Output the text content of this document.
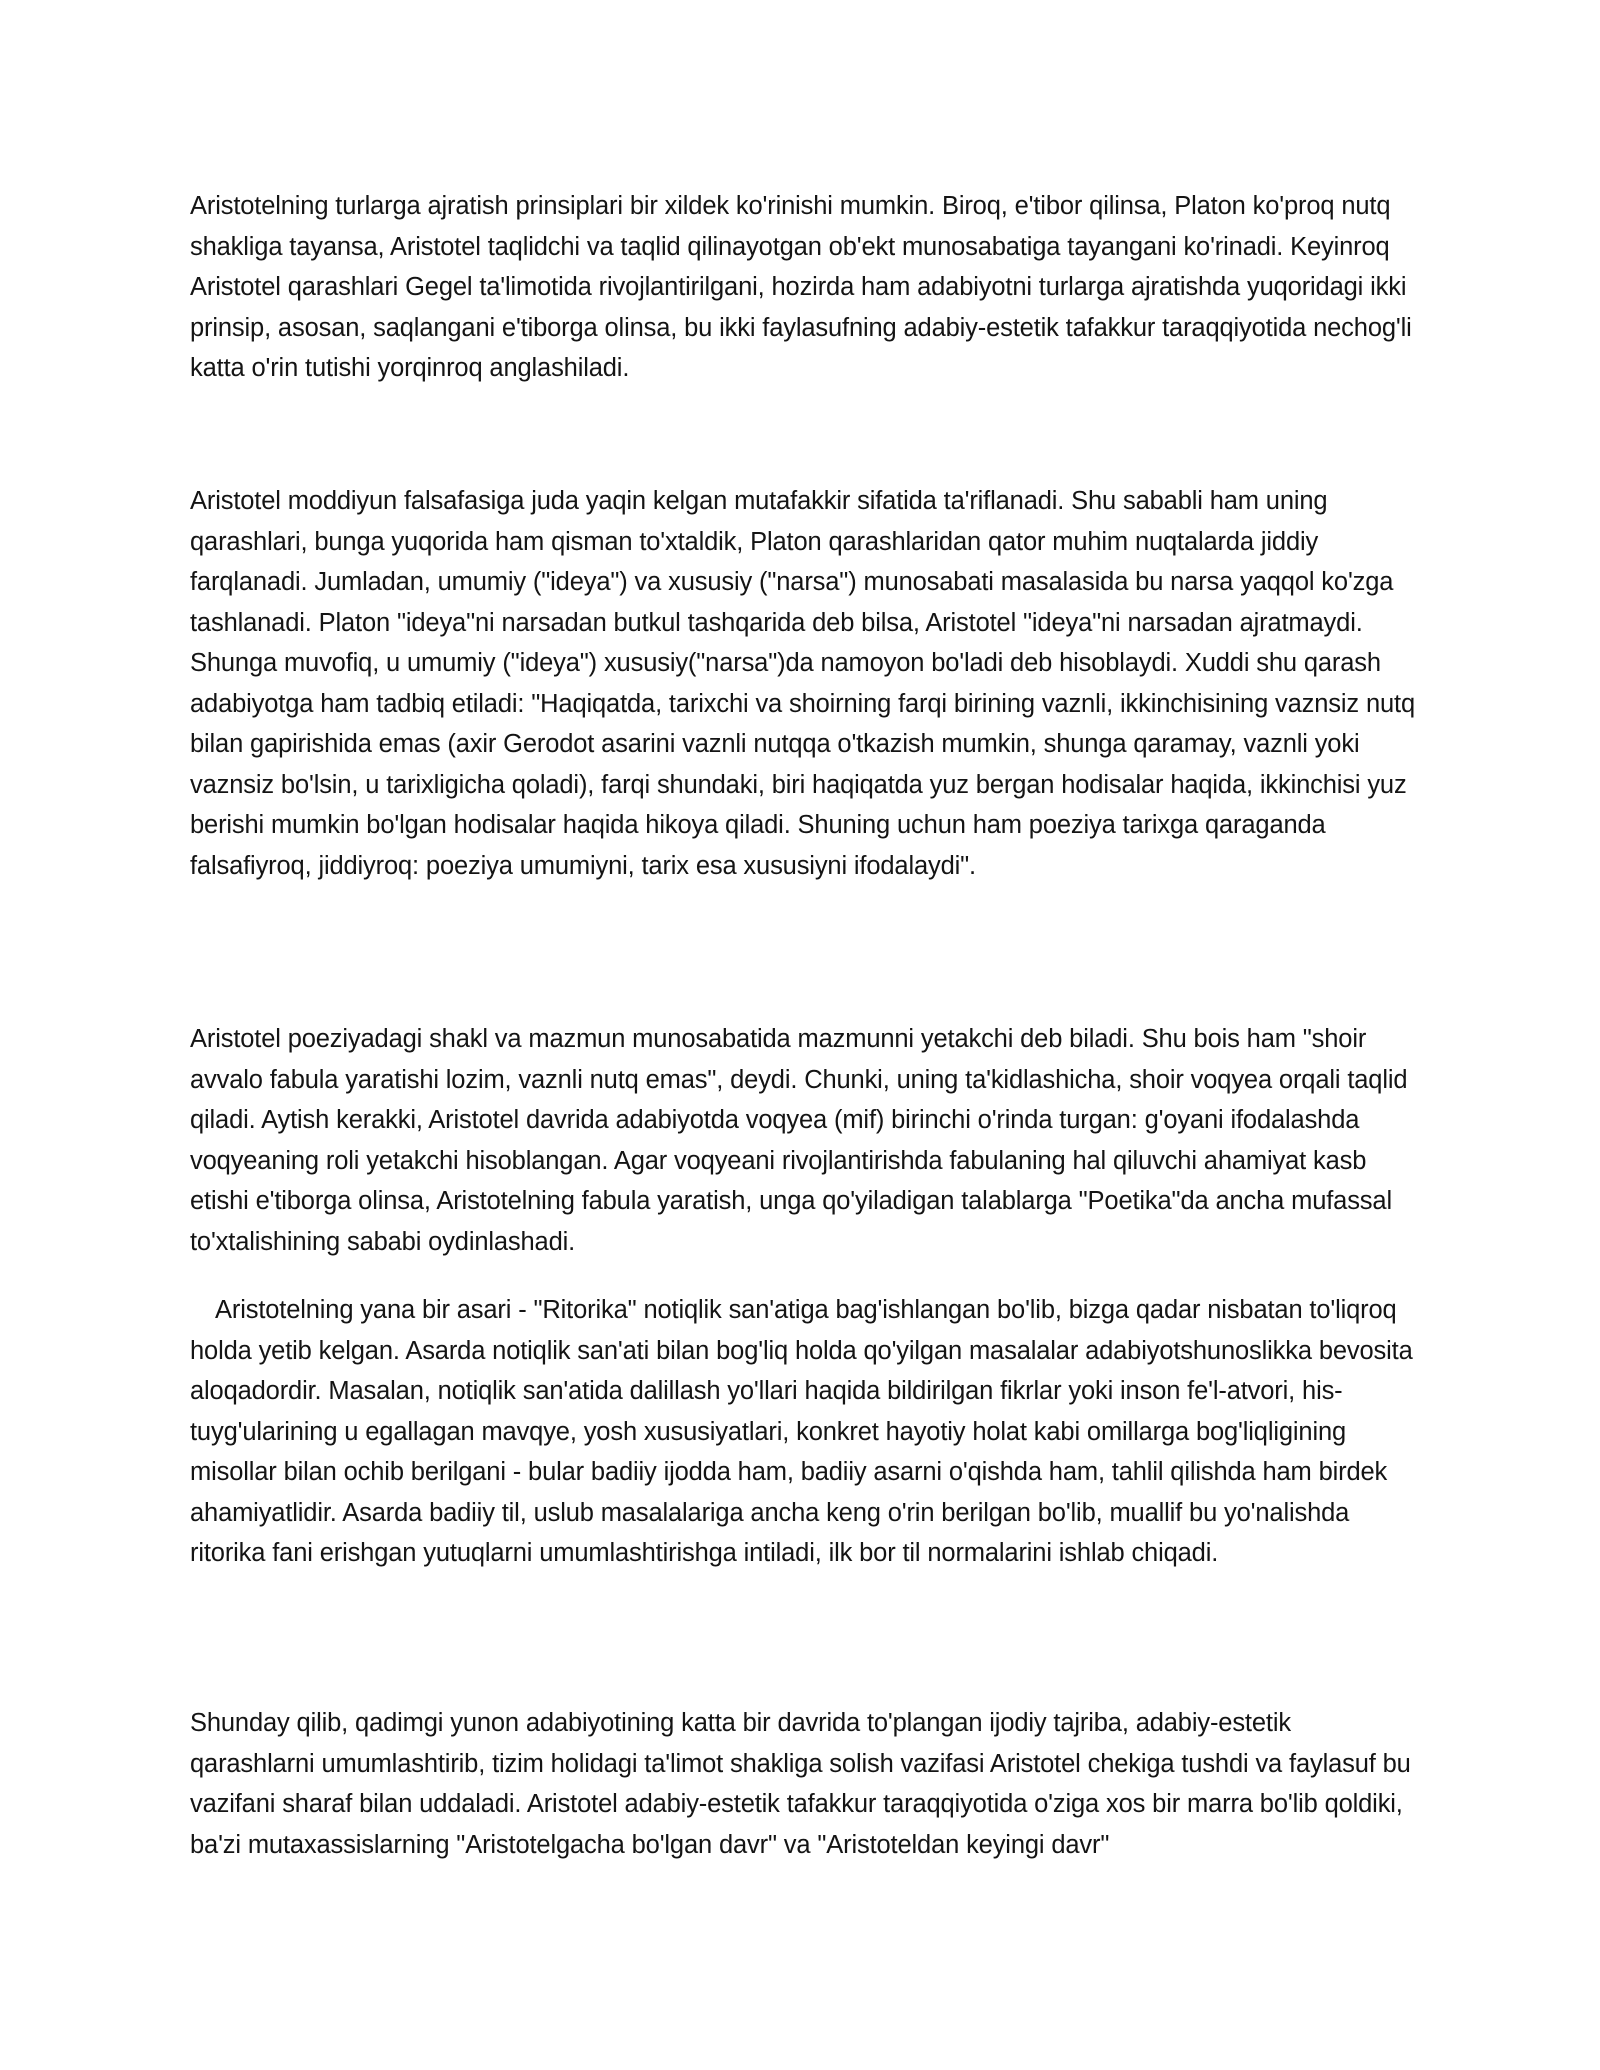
Aristotelning turlarga ajratish prinsiplari bir xildek ko'rinishi mumkin. Biroq, e'tibor qilinsa, Platon ko'proq nutq shakliga tayansa, Aristotel taqlidchi va taqlid qilinayotgan ob'ekt munosabatiga tayangani ko'rinadi. Keyinroq Aristotel qarashlari Gegel ta'limotida rivojlantirilgani, hozirda ham adabiyotni turlarga ajratishda yuqoridagi ikki prinsip, asosan, saqlangani e'tiborga olinsa, bu ikki faylasufning adabiy-estetik tafakkur taraqqiyotida nechog'li katta o'rin tutishi yorqinroq anglashiladi.

Aristotel moddiyun falsafasiga juda yaqin kelgan mutafakkir sifatida ta'riflanadi. Shu sababli ham uning qarashlari, bunga yuqorida ham qisman to'xtaldik, Platon qarashlaridan qator muhim nuqtalarda jiddiy farqlanadi. Jumladan, umumiy ("ideya") va xususiy ("narsa") munosabati masalasida bu narsa yaqqol ko'zga tashlanadi. Platon "ideya"ni narsadan butkul tashqarida deb bilsa, Aristotel "ideya"ni narsadan ajratmaydi. Shunga muvofiq, u umumiy ("ideya") xususiy("narsa")da namoyon bo'ladi deb hisoblaydi. Xuddi shu qarash adabiyotga ham tadbiq etiladi: "Haqiqatda, tarixchi va shoirning farqi birining vaznli, ikkinchisining vaznsiz nutq bilan gapirishida emas (axir Gerodot asarini vaznli nutqqa o'tkazish mumkin, shunga qaramay, vaznli yoki vaznsiz bo'lsin, u tarixligicha qoladi), farqi shundaki, biri haqiqatda yuz bergan hodisalar haqida, ikkinchisi yuz berishi mumkin bo'lgan hodisalar haqida hikoya qiladi. Shuning uchun ham poeziya tarixga qaraganda falsafiyroq, jiddiyroq: poeziya umumiyni, tarix esa xususiyni ifodalaydi".

Aristotel poeziyadagi shakl va mazmun munosabatida mazmunni yetakchi deb biladi. Shu bois ham "shoir avvalo fabula yaratishi lozim, vaznli nutq emas", deydi. Chunki, uning ta'kidlashicha, shoir voqyea orqali taqlid qiladi. Aytish kerakki, Aristotel davrida adabiyotda voqyea (mif) birinchi o'rinda turgan: g'oyani ifodalashda voqyeaning roli yetakchi hisoblangan. Agar voqyeani rivojlantirishda fabulaning hal qiluvchi ahamiyat kasb etishi e'tiborga olinsa, Aristotelning fabula yaratish, unga qo'yiladigan talablarga "Poetika"da ancha mufassal to'xtalishining sababi oydinlashadi.

Aristotelning yana bir asari - "Ritorika" notiqlik san'atiga bag'ishlangan bo'lib, bizga qadar nisbatan to'liqroq holda yetib kelgan. Asarda notiqlik san'ati bilan bog'liq holda qo'yilgan masalalar adabiyotshunoslikka bevosita aloqadordir. Masalan, notiqlik san'atida dalillash yo'llari haqida bildirilgan fikrlar yoki inson fe'l-atvori, his- tuyg'ularining u egallagan mavqye, yosh xususiyatlari, konkret hayotiy holat kabi omillarga bog'liqligining misollar bilan ochib berilgani - bular badiiy ijodda ham, badiiy asarni o'qishda ham, tahlil qilishda ham birdek ahamiyatlidir. Asarda badiiy til, uslub masalalariga ancha keng o'rin berilgan bo'lib, muallif bu yo'nalishda ritorika fani erishgan yutuqlarni umumlashtirishga intiladi, ilk bor til normalarini ishlab chiqadi.

Shunday qilib, qadimgi yunon adabiyotining katta bir davrida to'plangan ijodiy tajriba, adabiy-estetik qarashlarni umumlashtirib, tizim holidagi ta'limot shakliga solish vazifasi Aristotel chekiga tushdi va faylasuf bu vazifani sharaf bilan uddaladi. Aristotel adabiy-estetik tafakkur taraqqiyotida o'ziga xos bir marra bo'lib qoldiki, ba'zi mutaxassislarning "Aristotelgacha bo'lgan davr" va "Aristoteldan keyingi davr"
